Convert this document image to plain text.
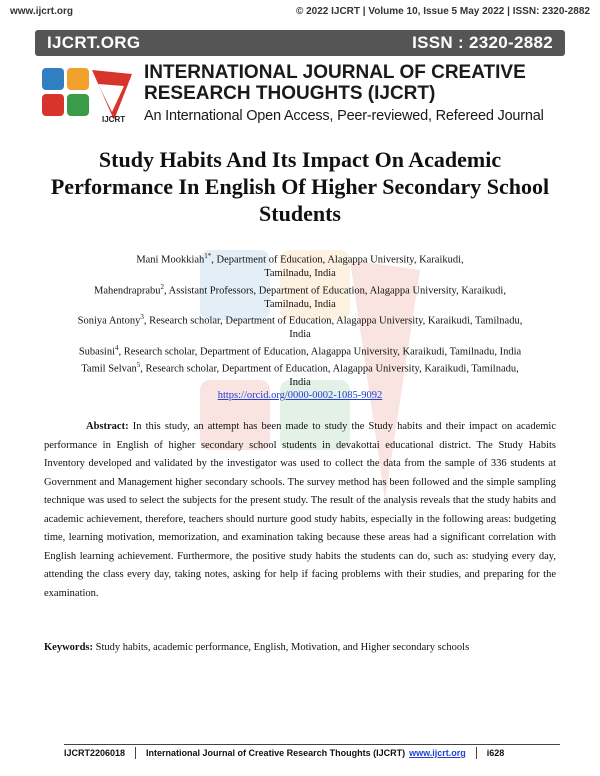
www.ijcrt.org	© 2022 IJCRT | Volume 10, Issue 5 May 2022 | ISSN: 2320-2882
IJCRT.ORG	ISSN : 2320-2882
IJCRT
INTERNATIONAL JOURNAL OF CREATIVE
RESEARCH THOUGHTS (IJCRT)
An International Open Access, Peer-reviewed, Refereed Journal
Study Habits And Its Impact On Academic Performance In English Of Higher Secondary School Students
Mani Mookkiah$^{1*}$, Department of Education, Alagappa University, Karaikudi,
Tamilnadu, India
Mahendraprabu$^2$, Assistant Professors, Department of Education, Alagappa University, Karaikudi,
Tamilnadu, India
Soniya Antony$^3$, Research scholar, Department of Education, Alagappa University, Karaikudi, Tamilnadu,
India
Subasini$^4$, Research scholar, Department of Education, Alagappa University, Karaikudi, Tamilnadu, India
Tamil Selvan$^5$, Research scholar, Department of Education, Alagappa University, Karaikudi, Tamilnadu,
India
https://orcid.org/0000-0002-1085-9092
Abstract: In this study, an attempt has been made to study the Study habits and their impact on academic performance in English of higher secondary school students in devakottai educational district. The Study Habits Inventory developed and validated by the investigator was used to collect the data from the sample of 336 students at Government and Management higher secondary schools. The survey method has been followed and the simple sampling technique was used to select the subjects for the present study. The result of the analysis reveals that the study habits and academic achievement, therefore, teachers should nurture good study habits, especially in the following areas: budgeting time, learning motivation, memorization, and examination taking because these areas had a significant correlation with English learning achievement. Furthermore, the positive study habits the students can do, such as: studying every day, attending the class every day, taking notes, asking for help if facing problems with their studies, and preparing for the examination.
Keywords: Study habits, academic performance, English, Motivation, and Higher secondary schools
IJCRT2206018 International Journal of Creative Research Thoughts (IJCRT) www.ijcrt.org i628
